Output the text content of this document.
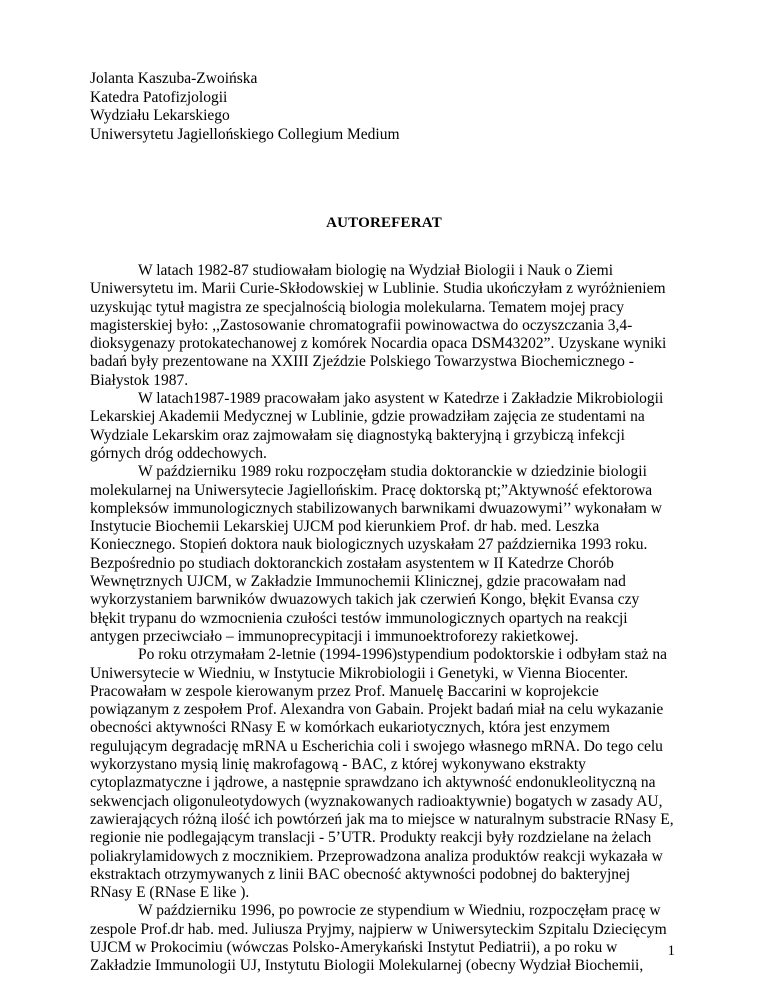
Jolanta Kaszuba-Zwoińska
Katedra Patofizjologii
Wydziału Lekarskiego
Uniwersytetu Jagiellońskiego Collegium Medium
AUTOREFERAT
W latach 1982-87 studiowałam biologię na Wydział Biologii i Nauk o Ziemi
Uniwersytetu im. Marii Curie-Skłodowskiej w Lublinie. Studia ukończyłam z wyróżnieniem
uzyskując tytuł magistra ze specjalnością biologia molekularna. Tematem mojej pracy
magisterskiej było: ,,Zastosowanie chromatografii powinowactwa do oczyszczania 3,4-
dioksygenazy protokatechanowej z komórek Nocardia opaca DSM43202”. Uzyskane wyniki
badań były prezentowane na XXIII Zjeździe Polskiego Towarzystwa Biochemicznego -
Białystok 1987.
W latach1987-1989 pracowałam jako asystent w Katedrze i Zakładzie Mikrobiologii
Lekarskiej Akademii Medycznej w Lublinie, gdzie prowadziłam zajęcia ze studentami na
Wydziale Lekarskim oraz zajmowałam się diagnostyką bakteryjną i grzybiczą infekcji
górnych dróg oddechowych.
W październiku 1989 roku rozpoczęłam studia doktoranckie w dziedzinie biologii
molekularnej na Uniwersytecie Jagiellońskim. Pracę doktorską pt;”Aktywność efektorowa
kompleksów immunologicznych stabilizowanych barwnikami dwuazowymi’’ wykonałam w
Instytucie Biochemii Lekarskiej UJCM pod kierunkiem Prof. dr hab. med. Leszka
Koniecznego. Stopień doktora nauk biologicznych uzyskałam 27 października 1993 roku.
Bezpośrednio po studiach doktoranckich zostałam asystentem w II Katedrze Chorób
Wewnętrznych UJCM, w Zakładzie Immunochemii Klinicznej, gdzie pracowałam nad
wykorzystaniem barwników dwuazowych takich jak czerwień Kongo, błękit Evansa czy
błękit trypanu do wzmocnienia czułości testów immunologicznych opartych na reakcji
antygen przeciwciało – immunoprecypitacji i immunoektroforezy rakietkowej.
Po roku otrzymałam 2-letnie (1994-1996)stypendium podoktorskie i odbyłam staż na
Uniwersytecie w Wiedniu, w Instytucie Mikrobiologii i Genetyki, w Vienna Biocenter.
Pracowałam w zespole kierowanym przez Prof. Manuelę Baccarini w koprojekcie
powiązanym z zespołem Prof. Alexandra von Gabain. Projekt badań miał na celu wykazanie
obecności aktywności RNasy E w komórkach eukariotycznych, która jest enzymem
regulującym degradację mRNA u Escherichia coli i swojego własnego mRNA. Do tego celu
wykorzystano mysią linię makrofagową - BAC, z której wykonywano ekstrakty
cytoplazmatyczne i jądrowe, a następnie sprawdzano ich aktywność endonukleolityczną na
sekwencjach oligonuleotydowych (wyznakowanych radioaktywnie) bogatych w zasady AU,
zawierających różną ilość ich powtórzeń jak ma to miejsce w naturalnym substracie RNasy E,
regionie nie podlegającym translacji - 5’UTR. Produkty reakcji były rozdzielane na żelach
poliakrylamidowych z mocznikiem. Przeprowadzona analiza produktów reakcji wykazała w
ekstraktach otrzymywanych z linii BAC obecność aktywności podobnej do bakteryjnej
RNasy E (RNase E like ).
W październiku 1996, po powrocie ze stypendium w Wiedniu, rozpoczęłam pracę w
zespole Prof.dr hab. med. Juliusza Pryjmy, najpierw w Uniwersyteckim Szpitalu Dziecięcym
UJCM w Prokocimiu (wówczas Polsko-Amerykański Instytut Pediatrii), a po roku w
Zakładzie Immunologii UJ, Instytutu Biologii Molekularnej (obecny Wydział Biochemii,
1
